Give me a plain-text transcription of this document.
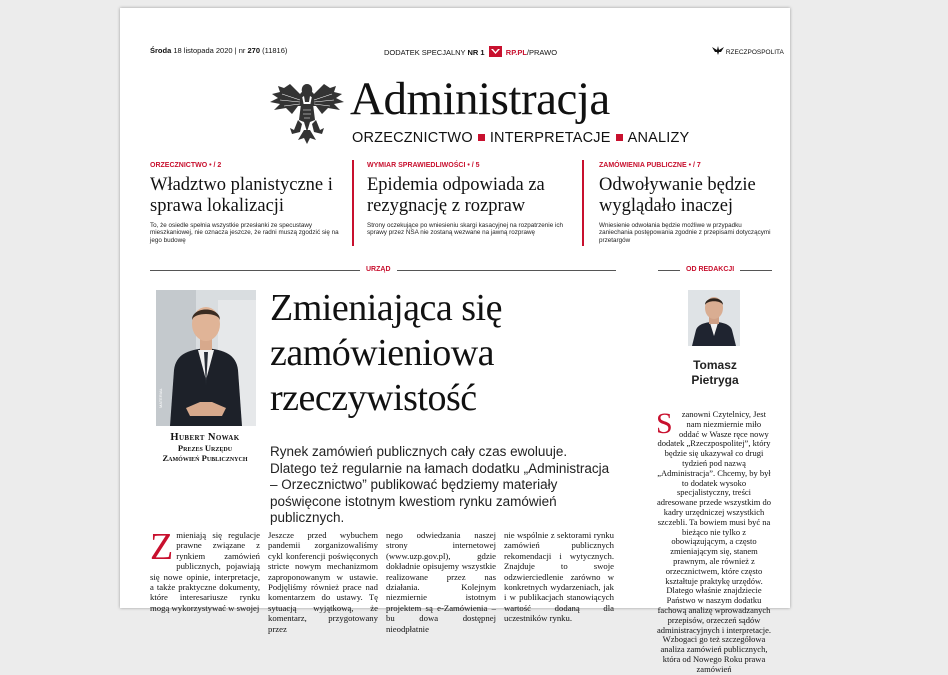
Środa 18 listopada 2020 | nr 270 (11816)	DODATEK SPECJALNY NR 1	RP.PL/PRAWO	RZECZPOSPOLITA
Administracja
ORZECZNICTWO INTERPRETACJE ANALIZY
ORZECZNICTWO • / 2
Władztwo planistyczne i sprawa lokalizacji
To, że osiedle spełnia wszystkie przesłanki ze specustawy mieszkaniowej, nie oznacza jeszcze, że radni muszą zgodzić się na jego budowę
WYMIAR SPRAWIEDLIWOŚCI • / 5
Epidemia odpowiada za rezygnację z rozpraw
Strony oczekujące po wniesieniu skargi kasacyjnej na rozpatrzenie ich sprawy przez NSA nie zostaną wezwane na jawną rozprawę
ZAMÓWIENIA PUBLICZNE • / 7
Odwoływanie będzie wyglądało inaczej
Wniesienie odwołania będzie możliwe w przypadku zaniechania postępowania zgodnie z przepisami dotyczącymi przetargów
URZĄD	OD REDAKCJI
MATERIAŁ
Hubert Nowak
Prezes Urzędu
Zamówień Publicznych
Zmieniająca się
zamówieniowa
rzeczywistość
Rynek zamówień publicznych cały czas ewoluuje. Dlatego też regularnie na łamach dodatku „Administracja – Orzecznictwo” publikować będziemy materiały poświęcone istotnym kwestiom rynku zamówień publicznych.
Zmieniają się regulacje prawne związane z rynkiem zamówień publicznych, pojawiają się nowe opinie, interpretacje, a także praktyczne dokumenty, które interesariusze rynku mogą wykorzystywać w swojej
Jeszcze przed wybuchem pandemii zorganizowaliśmy cykl konferencji poświęconych stricte nowym mechanizmom zaproponowanym w ustawie. Podjęliśmy również prace nad komentarzem do ustawy. Tę sytuacją wyjątkową, że komentarz, przygotowany przez
nego odwiedzania naszej strony internetowej (www.uzp.gov.pl), gdzie dokładnie opisujemy wszystkie realizowane przez nas działania. Kolejnym niezmiernie istotnym projektem są e-Zamówienia – bu dowa dostępnej nieodpłatnie
nie wspólnie z sektorami rynku zamówień publicznych rekomendacji i wytycznych. Znajduje to swoje odzwierciedlenie zarówno w konkretnych wydarzeniach, jak i w publikacjach stanowiących wartość dodaną dla uczestników rynku.
Tomasz
Pietryga
S zanowni Czytelnicy, Jest nam niezmiernie miło oddać w Wasze ręce nowy dodatek „Rzeczpospolitej”, który będzie się ukazywał co drugi tydzień pod nazwą „Administracja”. Chcemy, by był to dodatek wysoko specjalistyczny, treści adresowane przede wszystkim do kadry urzędniczej wszystkich szczebli. Ta bowiem musi być na bieżąco nie tylko z obowiązującym, a często zmieniającym się, stanem prawnym, ale również z orzecznictwem, które często kształtuje praktykę urzędów.
Dlatego właśnie znajdziecie Państwo w naszym dodatku fachową analizę wprowadzanych przepisów, orzeczeń sądów administracyjnych i interpretacje. Wzbogaci go też szczegółowa analiza zamówień publicznych, która od Nowego Roku prawa zamówień
